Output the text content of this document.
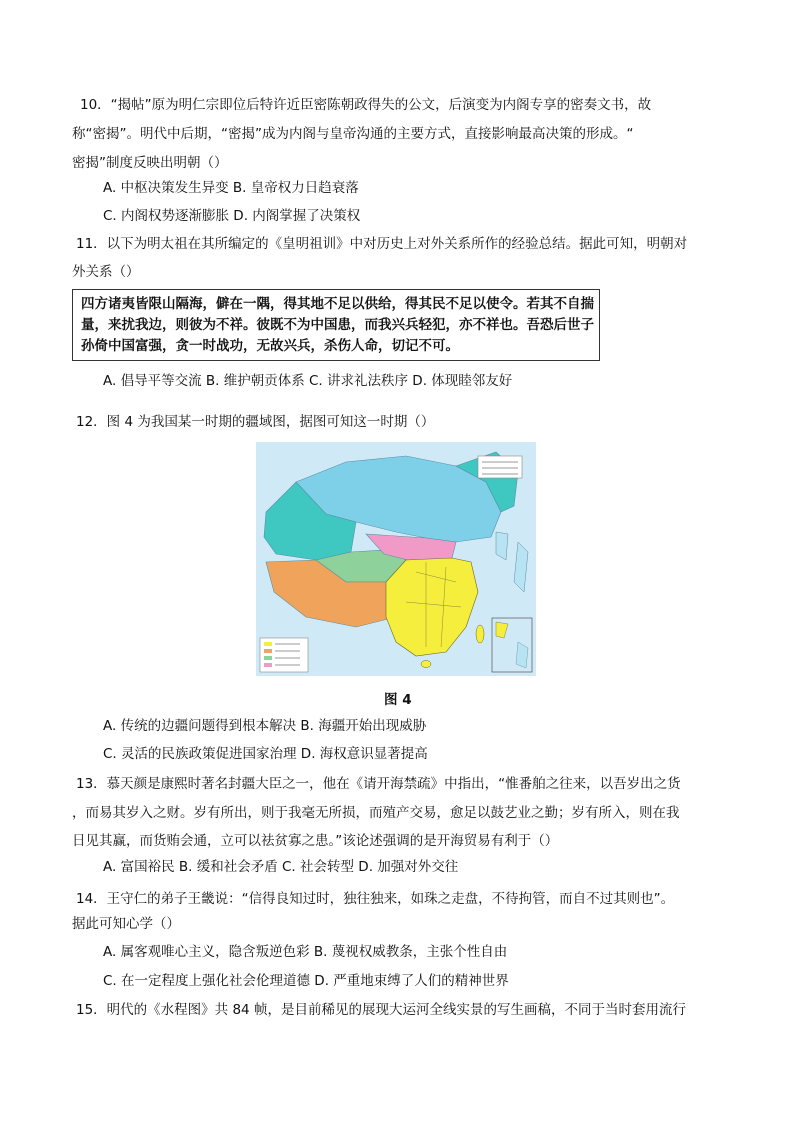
10．“揭帖”原为明仁宗即位后特许近臣密陈朝政得失的公文，后演变为内阁专享的密奏文书，故
称“密揭”。明代中后期，“密揭”成为内阁与皇帝沟通的主要方式，直接影响最高决策的形成。“
密揭”制度反映出明朝（）
A. 中枢决策发生异变 B. 皇帝权力日趋衰落
C. 内阁权势逐渐膨胀 D. 内阁掌握了决策权
11．以下为明太祖在其所编定的《皇明祖训》中对历史上对外关系所作的经验总结。据此可知，明朝对
外关系（）
四方诸夷皆限山隔海，僻在一隅，得其地不足以供给，得其民不足以使令。若其不自揣
量，来扰我边，则彼为不祥。彼既不为中国患，而我兴兵轻犯，亦不祥也。吾恐后世子
孙倚中国富强，贪一时战功，无故兴兵，杀伤人命，切记不可。
A. 倡导平等交流 B. 维护朝贡体系 C. 讲求礼法秩序 D. 体现睦邻友好
12．图 4 为我国某一时期的疆域图，据图可知这一时期（）
图 4
A. 传统的边疆问题得到根本解决 B. 海疆开始出现威胁
C. 灵活的民族政策促进国家治理 D. 海权意识显著提高
13．慕天颜是康熙时著名封疆大臣之一，他在《请开海禁疏》中指出，“惟番舶之往来，以吾岁出之货
，而易其岁入之财。岁有所出，则于我毫无所损，而殖产交易，愈足以鼓艺业之勤；岁有所入，则在我
日见其赢，而货贿会通，立可以祛贫寡之患。”该论述强调的是开海贸易有利于（）
A. 富国裕民 B. 缓和社会矛盾 C. 社会转型 D. 加强对外交往
14．王守仁的弟子王畿说：“信得良知过时，独往独来，如珠之走盘，不待拘管，而自不过其则也”。
据此可知心学（）
A. 属客观唯心主义，隐含叛逆色彩 B. 蔑视权威教条，主张个性自由
C. 在一定程度上强化社会伦理道德 D. 严重地束缚了人们的精神世界
15．明代的《水程图》共 84 帧，是目前稀见的展现大运河全线实景的写生画稿，不同于当时套用流行
